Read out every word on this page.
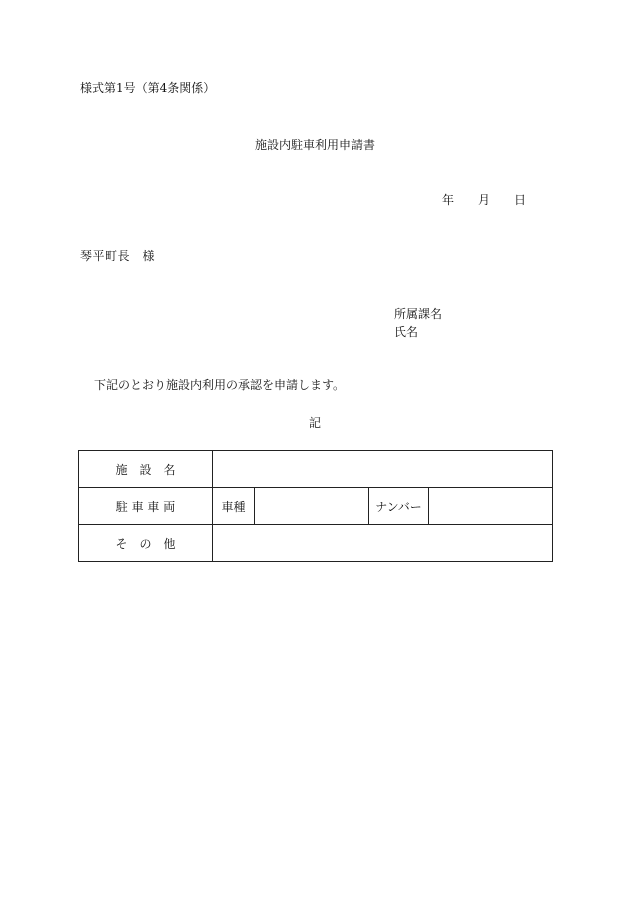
様式第1号（第4条関係）
施設内駐車利用申請書
年 月 日
琴平町長　様
所属課名
氏名
下記のとおり施設内利用の承認を申請します。
記
施　設　名				
駐 車 車 両	車種		ナンバー	
そ　の　他				
